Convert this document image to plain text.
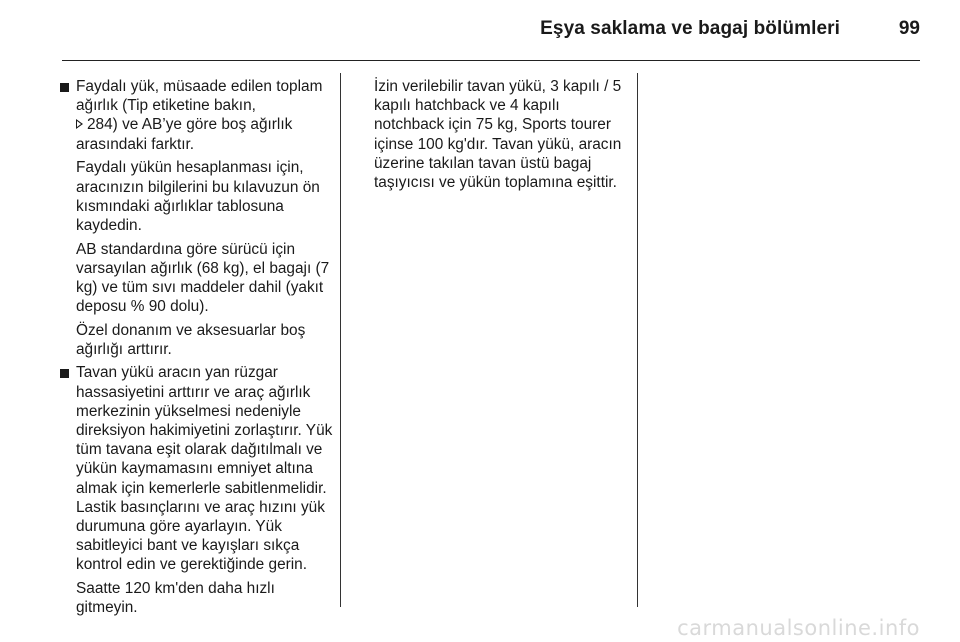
Eşya saklama ve bagaj bölümleri	99

Faydalı yük, müsaade edilen toplam ağırlık (Tip etiketine bakın,
284) ve AB’ye göre boş ağırlık arasındaki farktır.

Faydalı yükün hesaplanması için, aracınızın bilgilerini bu kılavuzun ön kısmındaki ağırlıklar tablosuna kaydedin.

AB standardına göre sürücü için varsayılan ağırlık (68 kg), el bagajı (7 kg) ve tüm sıvı maddeler dahil (yakıt deposu % 90 dolu).

Özel donanım ve aksesuarlar boş ağırlığı arttırır.

Tavan yükü aracın yan rüzgar hassasiyetini arttırır ve araç ağırlık merkezinin yükselmesi nedeniyle direksiyon hakimiyetini zorlaştırır. Yük tüm tavana eşit olarak dağıtılmalı ve yükün kaymamasını emniyet altına almak için kemerlerle sabitlenmelidir. Lastik basınçlarını ve araç hızını yük durumuna göre ayarlayın. Yük sabitleyici bant ve kayışları sıkça kontrol edin ve gerektiğinde gerin.

Saatte 120 km'den daha hızlı gitmeyin.

İzin verilebilir tavan yükü, 3 kapılı / 5 kapılı hatchback ve 4 kapılı notchback için 75 kg, Sports tourer içinse 100 kg'dır. Tavan yükü, aracın üzerine takılan tavan üstü bagaj taşıyıcısı ve yükün toplamına eşittir.

carmanualsonline.info
